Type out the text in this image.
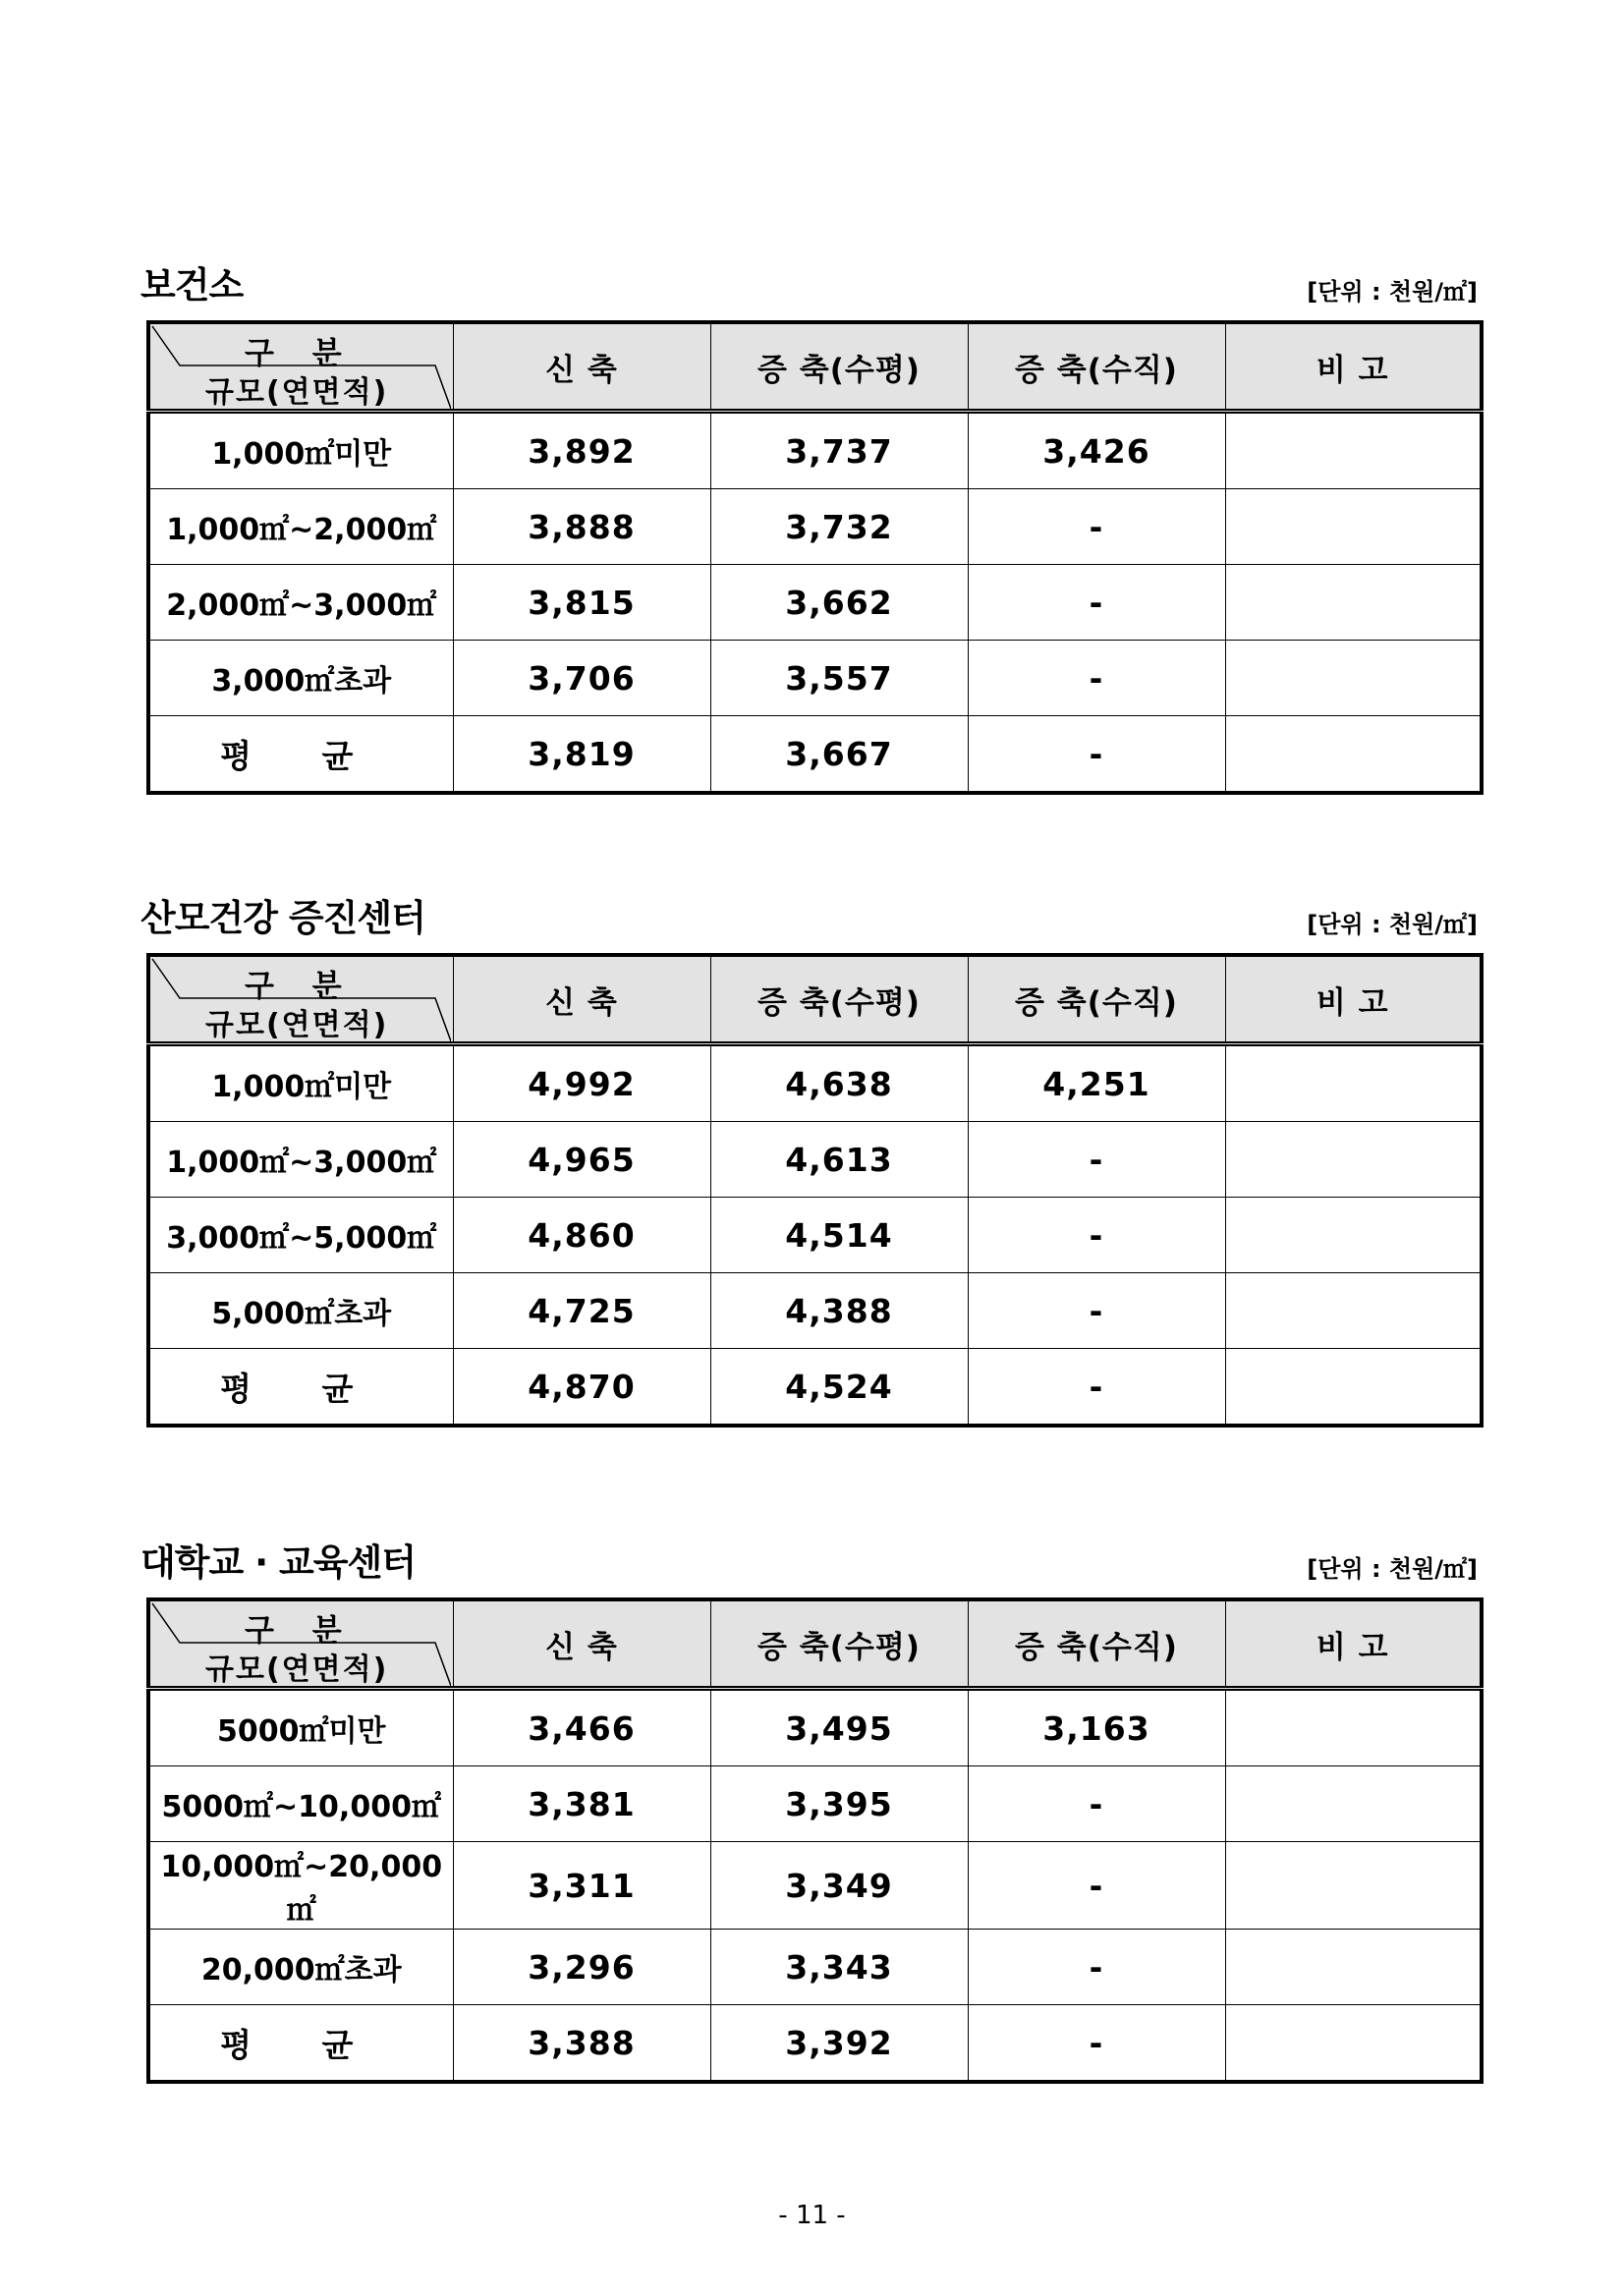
보건소	[단위 : 천원/㎡]
구 분
규모(연면적)	신 축	증 축(수평)	증 축(수직)	비 고
1,000㎡미만	3,892	3,737	3,426	
1,000㎡~2,000㎡	3,888	3,732	-	
2,000㎡~3,000㎡	3,815	3,662	-	
3,000㎡초과	3,706	3,557	-	
평 균	3,819	3,667	-	
산모건강 증진센터	[단위 : 천원/㎡]
구 분
규모(연면적)	신 축	증 축(수평)	증 축(수직)	비 고
1,000㎡미만	4,992	4,638	4,251	
1,000㎡~3,000㎡	4,965	4,613	-	
3,000㎡~5,000㎡	4,860	4,514	-	
5,000㎡초과	4,725	4,388	-	
평 균	4,870	4,524	-	
대학교 · 교육센터	[단위 : 천원/㎡]
구 분
규모(연면적)	신 축	증 축(수평)	증 축(수직)	비 고
5000㎡미만	3,466	3,495	3,163	
5000㎡~10,000㎡	3,381	3,395	-	
10,000㎡~20,000㎡	3,311	3,349	-	
20,000㎡초과	3,296	3,343	-	
평 균	3,388	3,392	-	
- 11 -
